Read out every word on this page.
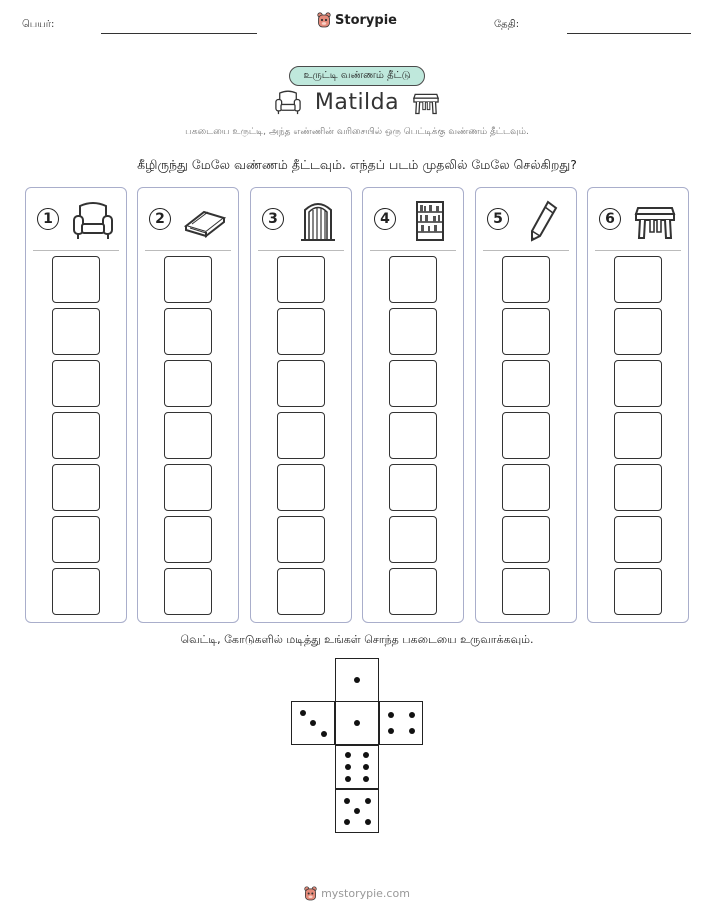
பெயர்:	Storypie	தேதி:
உருட்டி வண்ணம் தீட்டு
Matilda
பகடையை உருட்டி, அந்த எண்ணின் வரிசையில் ஒரு பெட்டிக்கு வண்ணம் தீட்டவும்.
கீழிருந்து மேலே வண்ணம் தீட்டவும். எந்தப் படம் முதலில் மேலே செல்கிறது?
1	2	3	4	5	6
வெட்டி, கோடுகளில் மடித்து உங்கள் சொந்த பகடையை உருவாக்கவும்.
mystorypie.com
